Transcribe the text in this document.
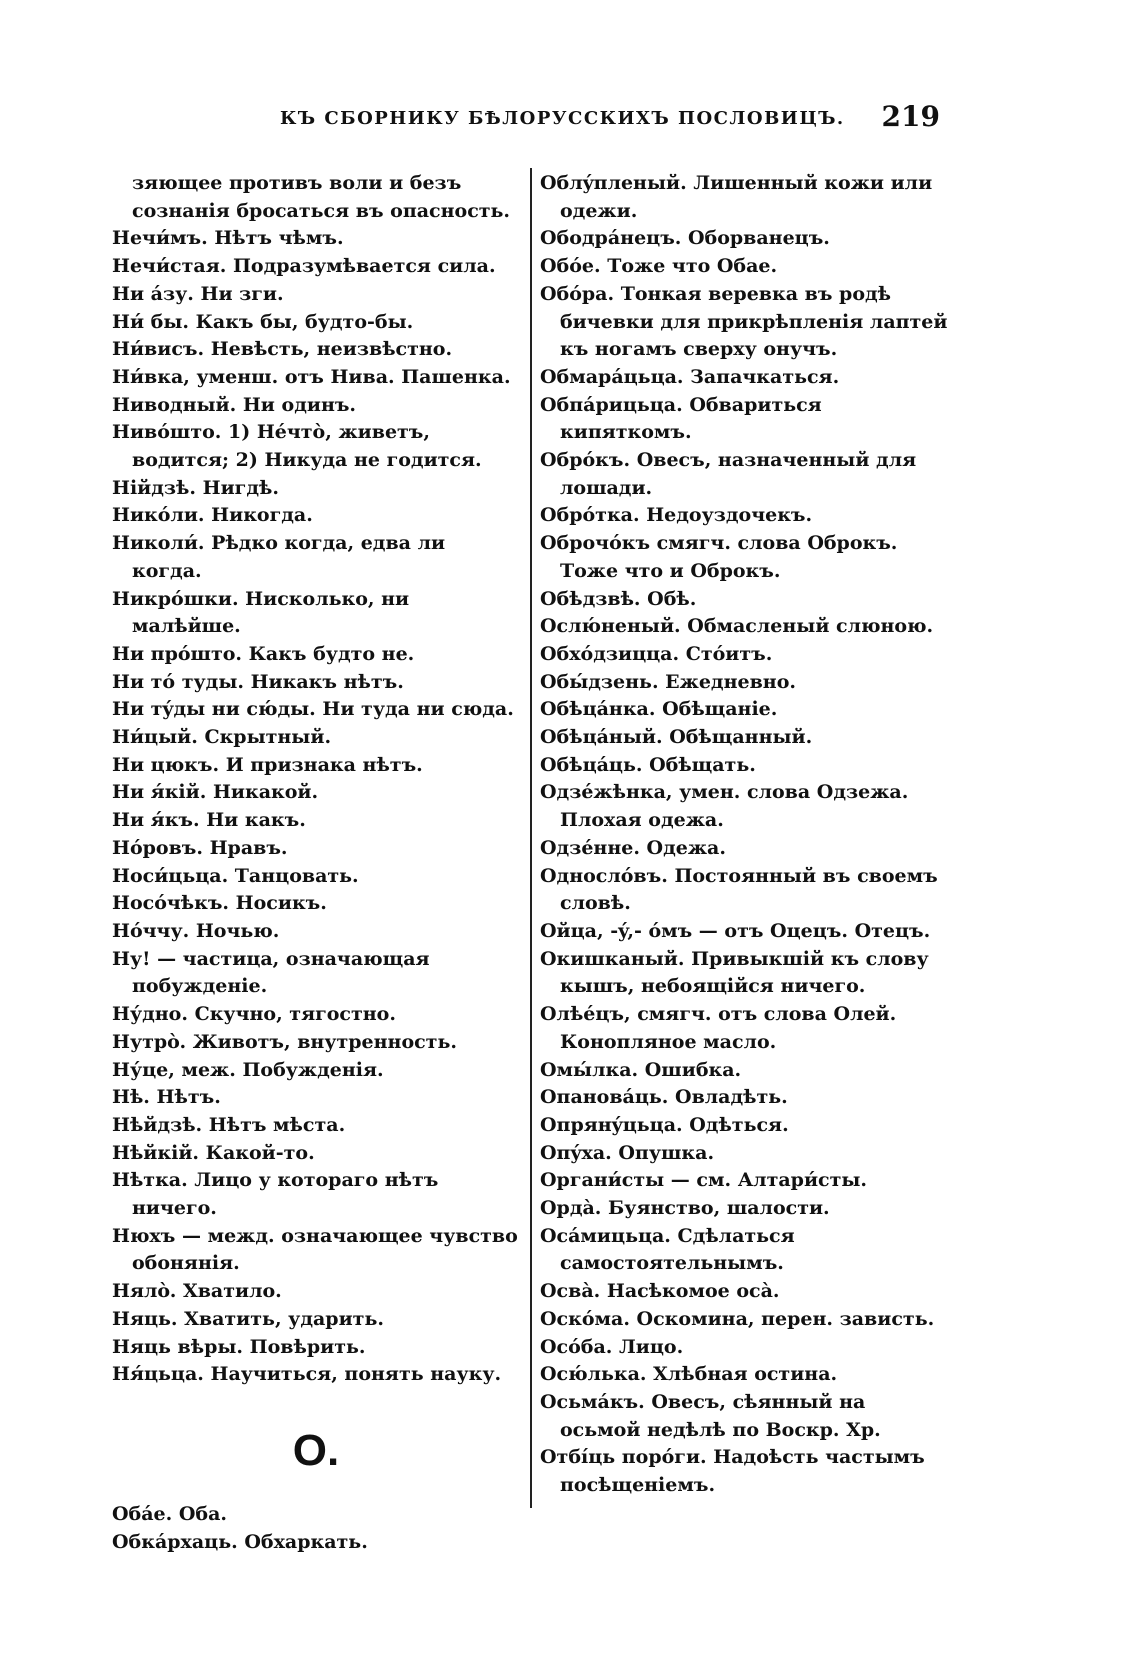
КЪ СБОРНИКУ БѢЛОРУССКИХЪ ПОСЛОВИЦЪ. 219

зяющее противъ воли и безъ сознанія бросаться въ опасность.

Нечи́мъ. Нѣтъ чѣмъ.

Нечи́стая. Подразумѣвается сила.

Ни а́зу. Ни зги.

Ни́ бы. Какъ бы, будто-бы.

Ни́висъ. Невѣсть, неизвѣстно.

Ни́вка, уменш. отъ Нива. Пашенка.

Ниводный. Ни одинъ.

Нивóшто. 1) Нéчтò, живетъ, водится; 2) Никуда не годится.

Нійдзѣ. Нигдѣ.

Никóли. Никогда.

Николи́. Рѣдко когда, едва ли когда.

Никрóшки. Нисколько, ни малѣйше.

Ни прóшто. Какъ будто не.

Ни тó туды. Никакъ нѣтъ.

Ни тýды ни сю́ды. Ни туда ни сюда.

Ни́цый. Скрытный.

Ни цюкъ. И признака нѣтъ.

Ни я́кій. Никакой.

Ни я́къ. Ни какъ.

Нóровъ. Нравъ.

Носи́цьца. Танцовать.

Носóчѣкъ. Носикъ.

Нóччу. Ночью.

Ну! — частица, означающая побужденіе.

Ну́дно. Скучно, тягостно.

Нутрò. Животъ, внутренность.

Ну́це, меж. Побужденія.

Нѣ. Нѣтъ.

Нѣйдзѣ. Нѣтъ мѣста.

Нѣйкій. Какой-то.

Нѣтка. Лицо у котораго нѣтъ ничего.

Нюхъ — межд. означающее чувство обонянія.

Нялò. Хватило.

Няць. Хватить, ударить.

Няць вѣры. Повѣрить.

Ня́цьца. Научиться, понять науку.

О.

Обáе. Оба.

Обкáрхаць. Обхаркать.

Облýпленый. Лишенный кожи или одежи.

Ободрáнецъ. Оборванецъ.

Обóе. Тоже что Обае.

Обóра. Тонкая веревка въ родѣ бичевки для прикрѣпленія лаптей къ ногамъ сверху онучъ.

Обмарáцьца. Запачкаться.

Обпáрицьца. Обвариться кипяткомъ.

Обрóкъ. Овесъ, назначенный для лошади.

Обрóтка. Недоуздочекъ.

Оброчóкъ смягч. слова Оброкъ. Тоже что и Оброкъ.

Обѣдзвѣ. Обѣ.

Ослю́неный. Обмасленый слюною.

Обхóдзицца. Стóитъ.

Обы́дзень. Ежедневно.

Обѣцáнка. Обѣщаніе.

Обѣцáный. Обѣщанный.

Обѣцáць. Обѣщать.

Одзéжѣнка, умен. слова Одзежа. Плохая одежа.

Одзéнне. Одежа.

Однослóвъ. Постоянный въ своемъ словѣ.

Ойца, -ý,- óмъ — отъ Оцецъ. Отецъ.

Окишканый. Привыкшій къ слову кышъ, небоящійся ничего.

Олѣéцъ, смягч. отъ слова Олей. Конопляное масло.

Омы́лка. Ошибка.

Опановáць. Овладѣть.

Опрянýцьца. Одѣться.

Опýха. Опушка.

Органи́сты — см. Алтари́сты.

Ордà. Буянство, шалости.

Осáмицьца. Сдѣлаться самостоятельнымъ.

Освà. Насѣкомое осà.

Оскóма. Оскомина, перен. зависть.

Осóба. Лицо.

Осю́лька. Хлѣбная остина.

Осьмáкъ. Овесъ, сѣянный на осьмой недѣлѣ по Воскр. Хр.

Отбі́ць порóги. Надоѣсть частымъ посѣщеніемъ.
